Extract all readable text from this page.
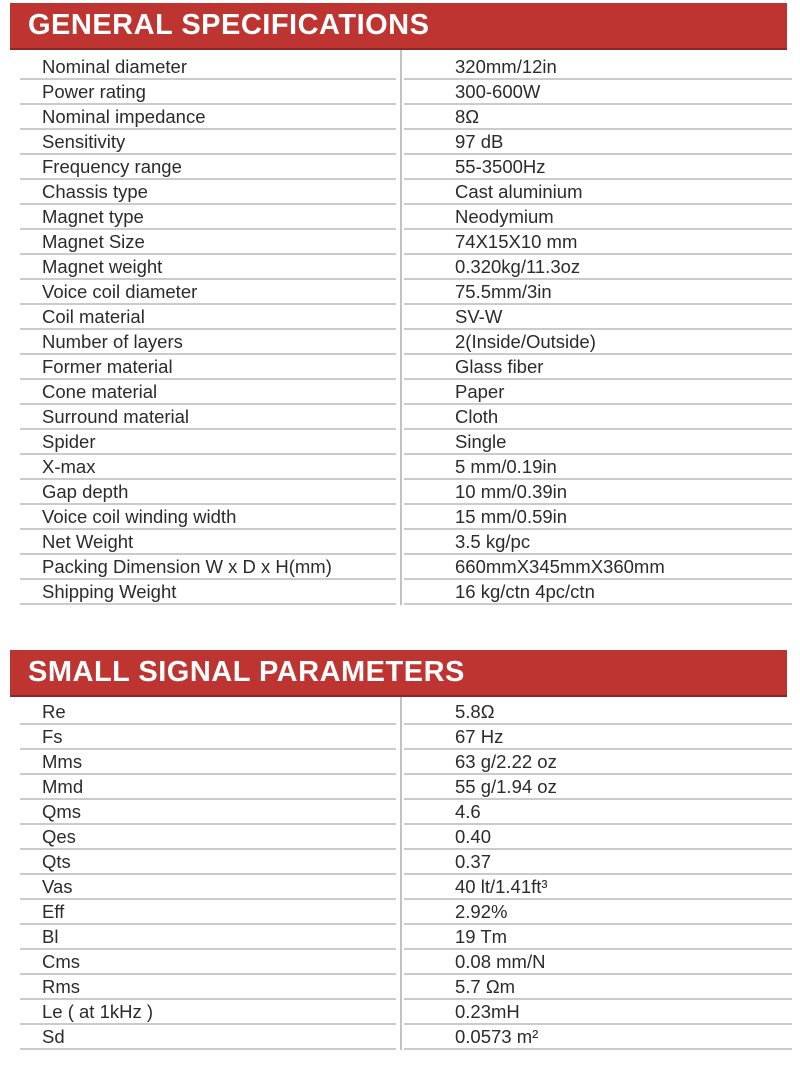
GENERAL SPECIFICATIONS
Nominal diameter	320mm/12in
Power rating	300-600W
Nominal impedance	8Ω
Sensitivity	97 dB
Frequency range	55-3500Hz
Chassis type	Cast aluminium
Magnet type	Neodymium
Magnet Size	74X15X10 mm
Magnet weight	0.320kg/11.3oz
Voice coil diameter	75.5mm/3in
Coil material	SV-W
Number of layers	2(Inside/Outside)
Former material	Glass fiber
Cone material	Paper
Surround material	Cloth
Spider	Single
X-max	5 mm/0.19in
Gap depth	10 mm/0.39in
Voice coil winding width	15 mm/0.59in
Net Weight	3.5 kg/pc
Packing Dimension W x D x H(mm)	660mmX345mmX360mm
Shipping Weight	16 kg/ctn 4pc/ctn
SMALL SIGNAL PARAMETERS
Re	5.8Ω
Fs	67 Hz
Mms	63 g/2.22 oz
Mmd	55 g/1.94 oz
Qms	4.6
Qes	0.40
Qts	0.37
Vas	40 lt/1.41ft³
Eff	2.92%
Bl	19 Tm
Cms	0.08 mm/N
Rms	5.7 Ωm
Le ( at 1kHz )	0.23mH
Sd	0.0573 m²
